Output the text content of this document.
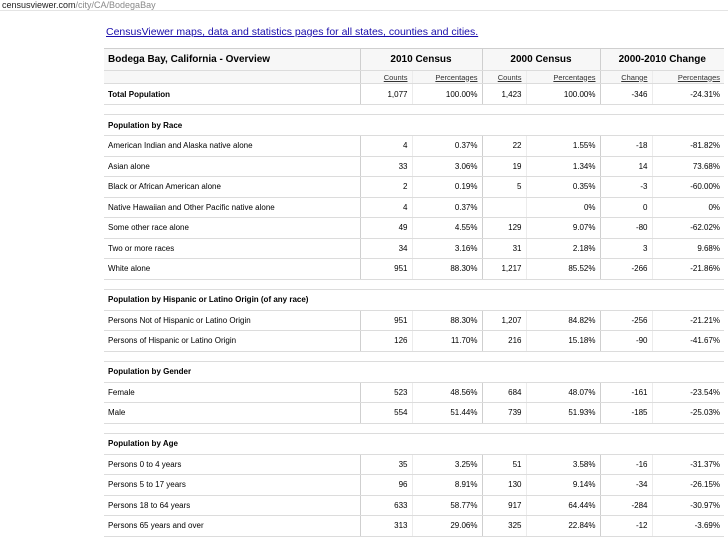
censusviewer.com/city/CA/BodegaBay
CensusViewer maps, data and statistics pages for all states, counties and cities.
Bodega Bay, California - Overview	2010 Census		2000 Census		2000-2010 Change	
	Counts	Percentages	Counts	Percentages	Change	Percentages
Total Population	1,077	100.00%	1,423	100.00%	-346	-24.31%

Population by Race						
American Indian and Alaska native alone	4	0.37%	22	1.55%	-18	-81.82%
Asian alone	33	3.06%	19	1.34%	14	73.68%
Black or African American alone	2	0.19%	5	0.35%	-3	-60.00%
Native Hawaiian and Other Pacific native alone	4	0.37%		0%	0	0%
Some other race alone	49	4.55%	129	9.07%	-80	-62.02%
Two or more races	34	3.16%	31	2.18%	3	9.68%
White alone	951	88.30%	1,217	85.52%	-266	-21.86%

Population by Hispanic or Latino Origin (of any race)						
Persons Not of Hispanic or Latino Origin	951	88.30%	1,207	84.82%	-256	-21.21%
Persons of Hispanic or Latino Origin	126	11.70%	216	15.18%	-90	-41.67%

Population by Gender						
Female	523	48.56%	684	48.07%	-161	-23.54%
Male	554	51.44%	739	51.93%	-185	-25.03%

Population by Age						
Persons 0 to 4 years	35	3.25%	51	3.58%	-16	-31.37%
Persons 5 to 17 years	96	8.91%	130	9.14%	-34	-26.15%
Persons 18 to 64 years	633	58.77%	917	64.44%	-284	-30.97%
Persons 65 years and over	313	29.06%	325	22.84%	-12	-3.69%
